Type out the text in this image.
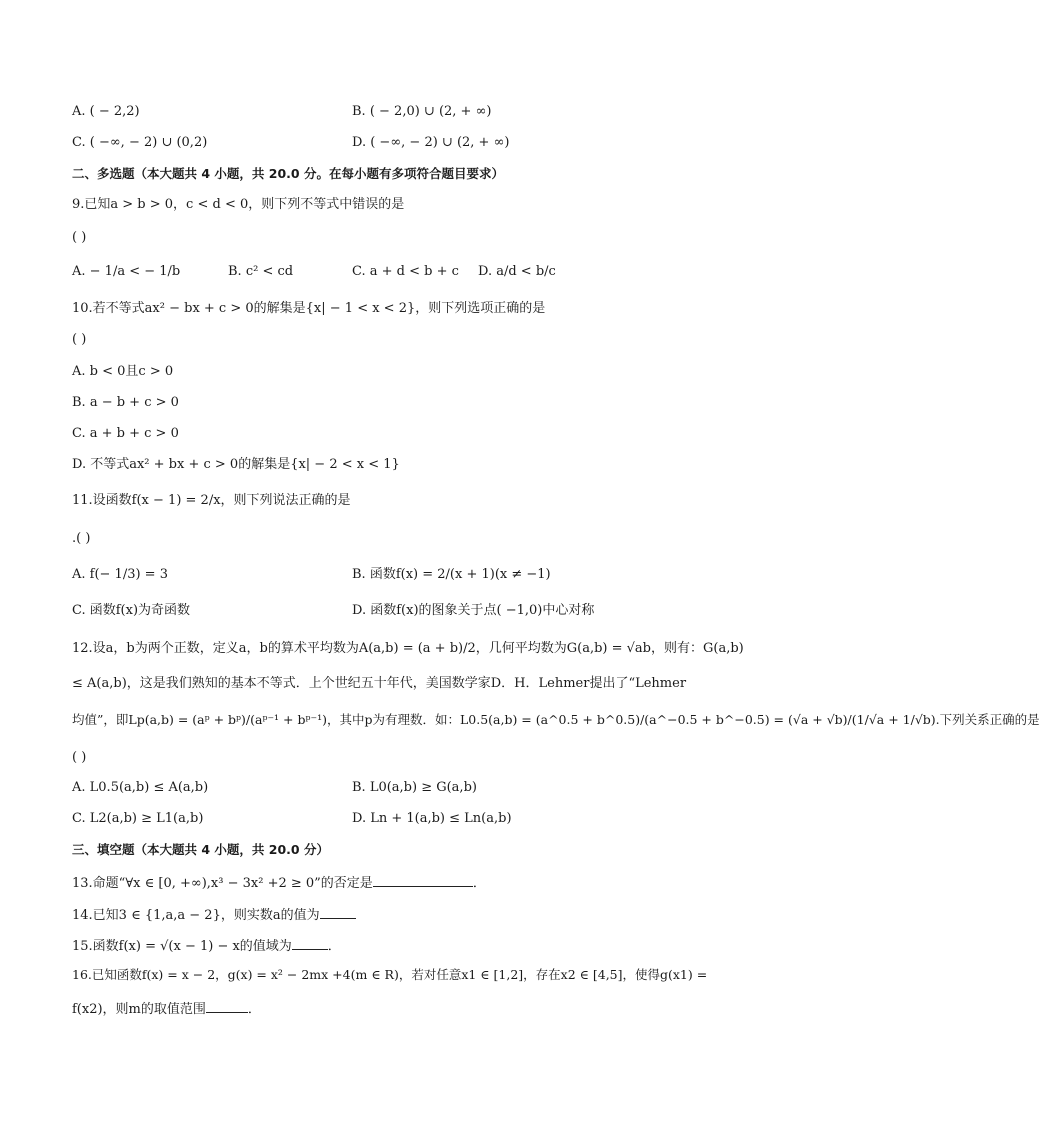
A. ( − 2,2)	B. ( − 2,0) ∪ (2, + ∞)
C. ( −∞, − 2) ∪ (0,2)	D. ( −∞, − 2) ∪ (2, + ∞)
二、多选题（本大题共 4 小题，共 20.0 分。在每小题有多项符合题目要求）
9.已知a > b > 0，c < d < 0，则下列不等式中错误的是
( )
A. − 1/a < − 1/b	B. c² < cd	C. a + d < b + c D. a/d < b/c
10.若不等式ax² − bx + c > 0的解集是{x| − 1 < x < 2}，则下列选项正确的是
( )
A. b < 0且c > 0
B. a − b + c > 0
C. a + b + c > 0
D. 不等式ax² + bx + c > 0的解集是{x| − 2 < x < 1}
11.设函数f(x − 1) = 2/x，则下列说法正确的是
.( )
A. f(− 1/3) = 3	B. 函数f(x) = 2/(x + 1)(x ≠ −1)
C. 函数f(x)为奇函数	D. 函数f(x)的图象关于点( −1,0)中心对称
12.设a，b为两个正数，定义a，b的算术平均数为A(a,b) = (a + b)/2，几何平均数为G(a,b) = √ab，则有：G(a,b)
≤ A(a,b)，这是我们熟知的基本不等式．上个世纪五十年代，美国数学家D．H．Lehmer提出了“Lehmer
均值”，即Lp(a,b) = (aᵖ + bᵖ)/(aᵖ⁻¹ + bᵖ⁻¹)，其中p为有理数．如：L0.5(a,b) = (a^0.5 + b^0.5)/(a^−0.5 + b^−0.5) = (√a + √b)/(1/√a + 1/√b).下列关系正确的是
( )
A. L0.5(a,b) ≤ A(a,b)	B. L0(a,b) ≥ G(a,b)
C. L2(a,b) ≥ L1(a,b)	D. Ln + 1(a,b) ≤ Ln(a,b)
三、填空题（本大题共 4 小题，共 20.0 分）
13.命题“∀x ∈ [0, +∞),x³ − 3x² +2 ≥ 0”的否定是	．
14.已知3 ∈ {1,a,a − 2}，则实数a的值为
15.函数f(x) = √(x − 1) − x的值域为	．
16.已知函数f(x) = x − 2，g(x) = x² − 2mx +4(m ∈ R)，若对任意x1 ∈ [1,2]，存在x2 ∈ [4,5]，使得g(x1) =
f(x2)，则m的取值范围	．
